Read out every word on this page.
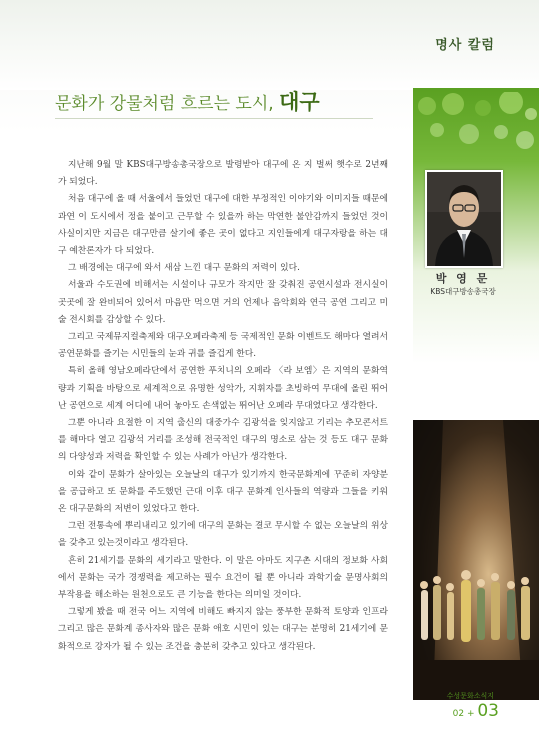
명사 칼럼
문화가 강물처럼 흐르는 도시, 대구

지난해 9월 말 KBS대구방송총국장으로 발령받아 대구에 온 지 벌써 햇수로 2년째가 되었다.

처음 대구에 올 때 서울에서 들었던 대구에 대한 부정적인 이야기와 이미지들 때문에 과연 이 도시에서 정을 붙이고 근무할 수 있을까 하는 막연한 불안감까지 들었던 것이 사실이지만 지금은 대구만큼 살기에 좋은 곳이 없다고 지인들에게 대구자랑을 하는 대구 예찬론자가 다 되었다.

그 배경에는 대구에 와서 새삼 느낀 대구 문화의 저력이 있다.

서울과 수도권에 비해서는 시설이나 규모가 작지만 잘 갖춰진 공연시설과 전시실이 곳곳에 잘 완비되어 있어서 마음만 먹으면 거의 언제나 음악회와 연극 공연 그리고 미술 전시회를 감상할 수 있다.

그리고 국제뮤지컬축제와 대구오페라축제 등 국제적인 문화 이벤트도 해마다 열려서 공연문화를 즐기는 시민들의 눈과 귀를 즐겁게 한다.

특히 올해 영남오페라단에서 공연한 푸치니의 오페라 〈라 보엠〉은 지역의 문화역량과 기획을 바탕으로 세계적으로 유명한 성악가, 지휘자를 초빙하여 무대에 올린 뛰어난 공연으로 세계 어디에 내어 놓아도 손색없는 뛰어난 오페라 무대였다고 생각한다.

그뿐 아니라 요절한 이 지역 출신의 대중가수 김광석을 잊지않고 기리는 추모콘서트를 해마다 열고 김광석 거리를 조성해 전국적인 대구의 명소로 삼는 것 등도 대구 문화의 다양성과 저력을 확인할 수 있는 사례가 아닌가 생각한다.

이와 같이 문화가 살아있는 오늘날의 대구가 있기까지 한국문화계에 꾸준히 자양분을 공급하고 또 문화를 주도했던 근대 이후 대구 문화계 인사들의 역량과 그들을 키워온 대구문화의 저변이 있었다고 한다.

그런 전통속에 뿌리내리고 있기에 대구의 문화는 결코 무시할 수 없는 오늘날의 위상을 갖추고 있는것이라고 생각된다.

흔히 21세기를 문화의 세기라고 말한다. 이 말은 아마도 지구촌 시대의 정보화 사회에서 문화는 국가 경쟁력을 제고하는 필수 요건이 될 뿐 아니라 과학기술 문명사회의 부작용을 해소하는 원천으로도 큰 기능을 한다는 의미일 것이다.

그렇게 봤을 때 전국 어느 지역에 비해도 빠지지 않는 풍부한 문화적 토양과 인프라 그리고 많은 문화계 종사자와 많은 문화 애호 시민이 있는 대구는 분명히 21세기에 문화적으로 강자가 될 수 있는 조건을 충분히 갖추고 있다고 생각된다.

박 영 문
KBS대구방송총국장
수성문화소식지
02 + 03
